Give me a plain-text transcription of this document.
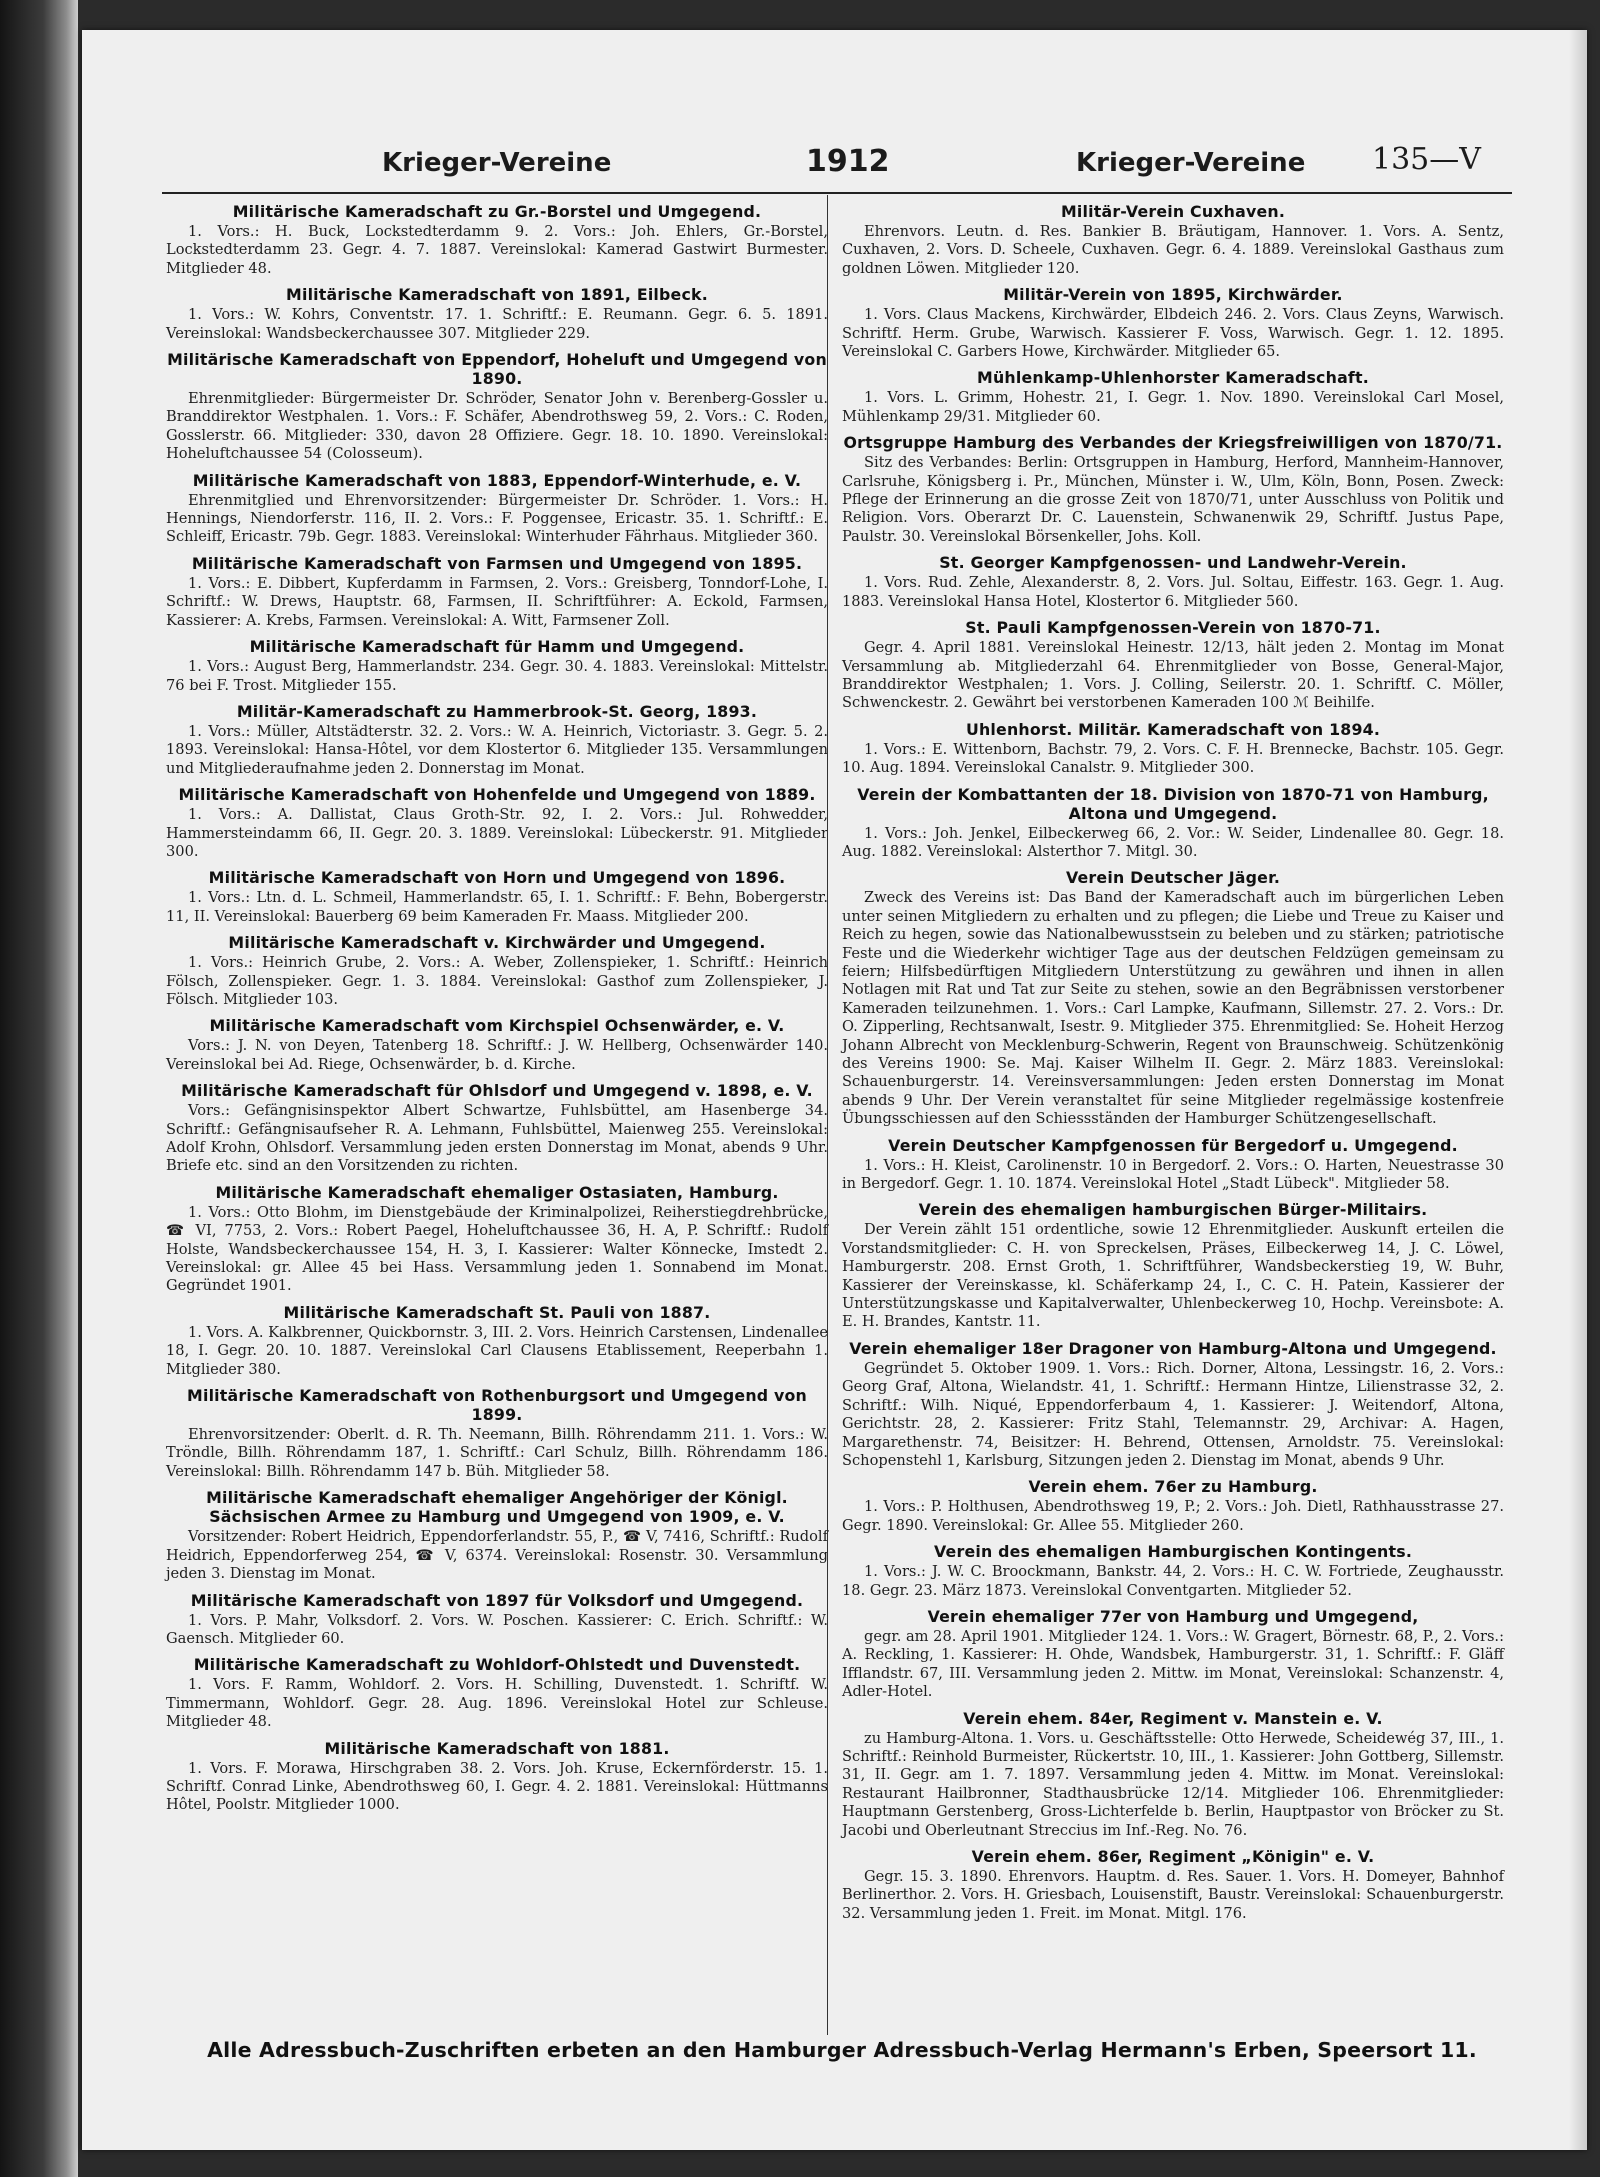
Krieger-Vereine	1912	Krieger-Vereine 135—V
Militärische Kameradschaft zu Gr.-Borstel und Umgegend.
1. Vors.: H. Buck, Lockstedterdamm 9. 2. Vors.: Joh. Ehlers, Gr.-Borstel, Lockstedterdamm 23. Gegr. 4. 7. 1887. Vereinslokal: Kamerad Gastwirt Burmester. Mitglieder 48.
Militärische Kameradschaft von 1891, Eilbeck.
1. Vors.: W. Kohrs, Conventstr. 17. 1. Schriftf.: E. Reumann. Gegr. 6. 5. 1891. Vereinslokal: Wandsbeckerchaussee 307. Mitglieder 229.
Militärische Kameradschaft von Eppendorf, Hoheluft und Umgegend von 1890.
Ehrenmitglieder: Bürgermeister Dr. Schröder, Senator John v. Berenberg-Gossler u. Branddirektor Westphalen. 1. Vors.: F. Schäfer, Abendrothsweg 59, 2. Vors.: C. Roden, Gosslerstr. 66. Mitglieder: 330, davon 28 Offiziere. Gegr. 18. 10. 1890. Vereinslokal: Hoheluftchaussee 54 (Colosseum).
Militärische Kameradschaft von 1883, Eppendorf-Winterhude, e. V.
Ehrenmitglied und Ehrenvorsitzender: Bürgermeister Dr. Schröder. 1. Vors.: H. Hennings, Niendorferstr. 116, II. 2. Vors.: F. Poggensee, Ericastr. 35. 1. Schriftf.: E. Schleiff, Ericastr. 79b. Gegr. 1883. Vereinslokal: Winterhuder Fährhaus. Mitglieder 360.
Militärische Kameradschaft von Farmsen und Umgegend von 1895.
1. Vors.: E. Dibbert, Kupferdamm in Farmsen, 2. Vors.: Greisberg, Tonndorf-Lohe, I. Schriftf.: W. Drews, Hauptstr. 68, Farmsen, II. Schriftführer: A. Eckold, Farmsen, Kassierer: A. Krebs, Farmsen. Vereinslokal: A. Witt, Farmsener Zoll.
Militärische Kameradschaft für Hamm und Umgegend.
1. Vors.: August Berg, Hammerlandstr. 234. Gegr. 30. 4. 1883. Vereinslokal: Mittelstr. 76 bei F. Trost. Mitglieder 155.
Militär-Kameradschaft zu Hammerbrook-St. Georg, 1893.
1. Vors.: Müller, Altstädterstr. 32. 2. Vors.: W. A. Heinrich, Victoriastr. 3. Gegr. 5. 2. 1893. Vereinslokal: Hansa-Hôtel, vor dem Klostertor 6. Mitglieder 135. Versammlungen und Mitgliederaufnahme jeden 2. Donnerstag im Monat.
Militärische Kameradschaft von Hohenfelde und Umgegend von 1889.
1. Vors.: A. Dallistat, Claus Groth-Str. 92, I. 2. Vors.: Jul. Rohwedder, Hammersteindamm 66, II. Gegr. 20. 3. 1889. Vereinslokal: Lübeckerstr. 91. Mitglieder 300.
Militärische Kameradschaft von Horn und Umgegend von 1896.
1. Vors.: Ltn. d. L. Schmeil, Hammerlandstr. 65, I. 1. Schriftf.: F. Behn, Bobergerstr. 11, II. Vereinslokal: Bauerberg 69 beim Kameraden Fr. Maass. Mitglieder 200.
Militärische Kameradschaft v. Kirchwärder und Umgegend.
1. Vors.: Heinrich Grube, 2. Vors.: A. Weber, Zollenspieker, 1. Schriftf.: Heinrich Fölsch, Zollenspieker. Gegr. 1. 3. 1884. Vereinslokal: Gasthof zum Zollenspieker, J. Fölsch. Mitglieder 103.
Militärische Kameradschaft vom Kirchspiel Ochsenwärder, e. V.
Vors.: J. N. von Deyen, Tatenberg 18. Schriftf.: J. W. Hellberg, Ochsenwärder 140. Vereinslokal bei Ad. Riege, Ochsenwärder, b. d. Kirche.
Militärische Kameradschaft für Ohlsdorf und Umgegend v. 1898, e. V.
Vors.: Gefängnisinspektor Albert Schwartze, Fuhlsbüttel, am Hasenberge 34. Schriftf.: Gefängnisaufseher R. A. Lehmann, Fuhlsbüttel, Maienweg 255. Vereinslokal: Adolf Krohn, Ohlsdorf. Versammlung jeden ersten Donnerstag im Monat, abends 9 Uhr. Briefe etc. sind an den Vorsitzenden zu richten.
Militärische Kameradschaft ehemaliger Ostasiaten, Hamburg.
1. Vors.: Otto Blohm, im Dienstgebäude der Kriminalpolizei, Reiherstiegdrehbrücke, ☎ VI, 7753, 2. Vors.: Robert Paegel, Hoheluftchaussee 36, H. A, P. Schriftf.: Rudolf Holste, Wandsbeckerchaussee 154, H. 3, I. Kassierer: Walter Könnecke, Imstedt 2. Vereinslokal: gr. Allee 45 bei Hass. Versammlung jeden 1. Sonnabend im Monat. Gegründet 1901.
Militärische Kameradschaft St. Pauli von 1887.
1. Vors. A. Kalkbrenner, Quickbornstr. 3, III. 2. Vors. Heinrich Carstensen, Lindenallee 18, I. Gegr. 20. 10. 1887. Vereinslokal Carl Clausens Etablissement, Reeperbahn 1. Mitglieder 380.
Militärische Kameradschaft von Rothenburgsort und Umgegend von 1899.
Ehrenvorsitzender: Oberlt. d. R. Th. Neemann, Billh. Röhrendamm 211. 1. Vors.: W. Tröndle, Billh. Röhrendamm 187, 1. Schriftf.: Carl Schulz, Billh. Röhrendamm 186. Vereinslokal: Billh. Röhrendamm 147 b. Büh. Mitglieder 58.
Militärische Kameradschaft ehemaliger Angehöriger der Königl. Sächsischen Armee zu Hamburg und Umgegend von 1909, e. V.
Vorsitzender: Robert Heidrich, Eppendorferlandstr. 55, P., ☎ V, 7416, Schriftf.: Rudolf Heidrich, Eppendorferweg 254, ☎ V, 6374. Vereinslokal: Rosenstr. 30. Versammlung jeden 3. Dienstag im Monat.
Militärische Kameradschaft von 1897 für Volksdorf und Umgegend.
1. Vors. P. Mahr, Volksdorf. 2. Vors. W. Poschen. Kassierer: C. Erich. Schriftf.: W. Gaensch. Mitglieder 60.
Militärische Kameradschaft zu Wohldorf-Ohlstedt und Duvenstedt.
1. Vors. F. Ramm, Wohldorf. 2. Vors. H. Schilling, Duvenstedt. 1. Schriftf. W. Timmermann, Wohldorf. Gegr. 28. Aug. 1896. Vereinslokal Hotel zur Schleuse. Mitglieder 48.
Militärische Kameradschaft von 1881.
1. Vors. F. Morawa, Hirschgraben 38. 2. Vors. Joh. Kruse, Eckernförderstr. 15. 1. Schriftf. Conrad Linke, Abendrothsweg 60, I. Gegr. 4. 2. 1881. Vereinslokal: Hüttmanns Hôtel, Poolstr. Mitglieder 1000.
Militär-Verein Cuxhaven.
Ehrenvors. Leutn. d. Res. Bankier B. Bräutigam, Hannover. 1. Vors. A. Sentz, Cuxhaven, 2. Vors. D. Scheele, Cuxhaven. Gegr. 6. 4. 1889. Vereinslokal Gasthaus zum goldnen Löwen. Mitglieder 120.
Militär-Verein von 1895, Kirchwärder.
1. Vors. Claus Mackens, Kirchwärder, Elbdeich 246. 2. Vors. Claus Zeyns, Warwisch. Schriftf. Herm. Grube, Warwisch. Kassierer F. Voss, Warwisch. Gegr. 1. 12. 1895. Vereinslokal C. Garbers Howe, Kirchwärder. Mitglieder 65.
Mühlenkamp-Uhlenhorster Kameradschaft.
1. Vors. L. Grimm, Hohestr. 21, I. Gegr. 1. Nov. 1890. Vereinslokal Carl Mosel, Mühlenkamp 29/31. Mitglieder 60.
Ortsgruppe Hamburg des Verbandes der Kriegsfreiwilligen von 1870/71.
Sitz des Verbandes: Berlin: Ortsgruppen in Hamburg, Herford, Mannheim-Hannover, Carlsruhe, Königsberg i. Pr., München, Münster i. W., Ulm, Köln, Bonn, Posen. Zweck: Pflege der Erinnerung an die grosse Zeit von 1870/71, unter Ausschluss von Politik und Religion. Vors. Oberarzt Dr. C. Lauenstein, Schwanenwik 29, Schriftf. Justus Pape, Paulstr. 30. Vereinslokal Börsenkeller, Johs. Koll.
St. Georger Kampfgenossen- und Landwehr-Verein.
1. Vors. Rud. Zehle, Alexanderstr. 8, 2. Vors. Jul. Soltau, Eiffestr. 163. Gegr. 1. Aug. 1883. Vereinslokal Hansa Hotel, Klostertor 6. Mitglieder 560.
St. Pauli Kampfgenossen-Verein von 1870-71.
Gegr. 4. April 1881. Vereinslokal Heinestr. 12/13, hält jeden 2. Montag im Monat Versammlung ab. Mitgliederzahl 64. Ehrenmitglieder von Bosse, General-Major, Branddirektor Westphalen; 1. Vors. J. Colling, Seilerstr. 20. 1. Schriftf. C. Möller, Schwenckestr. 2. Gewährt bei verstorbenen Kameraden 100 ℳ Beihilfe.
Uhlenhorst. Militär. Kameradschaft von 1894.
1. Vors.: E. Wittenborn, Bachstr. 79, 2. Vors. C. F. H. Brennecke, Bachstr. 105. Gegr. 10. Aug. 1894. Vereinslokal Canalstr. 9. Mitglieder 300.
Verein der Kombattanten der 18. Division von 1870-71 von Hamburg, Altona und Umgegend.
1. Vors.: Joh. Jenkel, Eilbeckerweg 66, 2. Vor.: W. Seider, Lindenallee 80. Gegr. 18. Aug. 1882. Vereinslokal: Alsterthor 7. Mitgl. 30.
Verein Deutscher Jäger.
Zweck des Vereins ist: Das Band der Kameradschaft auch im bürgerlichen Leben unter seinen Mitgliedern zu erhalten und zu pflegen; die Liebe und Treue zu Kaiser und Reich zu hegen, sowie das Nationalbewusstsein zu beleben und zu stärken; patriotische Feste und die Wiederkehr wichtiger Tage aus der deutschen Feldzügen gemeinsam zu feiern; Hilfsbedürftigen Mitgliedern Unterstützung zu gewähren und ihnen in allen Notlagen mit Rat und Tat zur Seite zu stehen, sowie an den Begräbnissen verstorbener Kameraden teilzunehmen. 1. Vors.: Carl Lampke, Kaufmann, Sillemstr. 27. 2. Vors.: Dr. O. Zipperling, Rechtsanwalt, Isestr. 9. Mitglieder 375. Ehrenmitglied: Se. Hoheit Herzog Johann Albrecht von Mecklenburg-Schwerin, Regent von Braunschweig. Schützenkönig des Vereins 1900: Se. Maj. Kaiser Wilhelm II. Gegr. 2. März 1883. Vereinslokal: Schauenburgerstr. 14. Vereinsversammlungen: Jeden ersten Donnerstag im Monat abends 9 Uhr. Der Verein veranstaltet für seine Mitglieder regelmässige kostenfreie Übungsschiessen auf den Schiessständen der Hamburger Schützengesellschaft.
Verein Deutscher Kampfgenossen für Bergedorf u. Umgegend.
1. Vors.: H. Kleist, Carolinenstr. 10 in Bergedorf. 2. Vors.: O. Harten, Neuestrasse 30 in Bergedorf. Gegr. 1. 10. 1874. Vereinslokal Hotel „Stadt Lübeck". Mitglieder 58.
Verein des ehemaligen hamburgischen Bürger-Militairs.
Der Verein zählt 151 ordentliche, sowie 12 Ehrenmitglieder. Auskunft erteilen die Vorstandsmitglieder: C. H. von Spreckelsen, Präses, Eilbeckerweg 14, J. C. Löwel, Hamburgerstr. 208. Ernst Groth, 1. Schriftführer, Wandsbeckerstieg 19, W. Buhr, Kassierer der Vereinskasse, kl. Schäferkamp 24, I., C. C. H. Patein, Kassierer der Unterstützungskasse und Kapitalverwalter, Uhlenbeckerweg 10, Hochp. Vereinsbote: A. E. H. Brandes, Kantstr. 11.
Verein ehemaliger 18er Dragoner von Hamburg-Altona und Umgegend.
Gegründet 5. Oktober 1909. 1. Vors.: Rich. Dorner, Altona, Lessingstr. 16, 2. Vors.: Georg Graf, Altona, Wielandstr. 41, 1. Schriftf.: Hermann Hintze, Lilienstrasse 32, 2. Schriftf.: Wilh. Niqué, Eppendorferbaum 4, 1. Kassierer: J. Weitendorf, Altona, Gerichtstr. 28, 2. Kassierer: Fritz Stahl, Telemannstr. 29, Archivar: A. Hagen, Margarethenstr. 74, Beisitzer: H. Behrend, Ottensen, Arnoldstr. 75. Vereinslokal: Schopenstehl 1, Karlsburg, Sitzungen jeden 2. Dienstag im Monat, abends 9 Uhr.
Verein ehem. 76er zu Hamburg.
1. Vors.: P. Holthusen, Abendrothsweg 19, P.; 2. Vors.: Joh. Dietl, Rathhausstrasse 27. Gegr. 1890. Vereinslokal: Gr. Allee 55. Mitglieder 260.
Verein des ehemaligen Hamburgischen Kontingents.
1. Vors.: J. W. C. Broockmann, Bankstr. 44, 2. Vors.: H. C. W. Fortriede, Zeughausstr. 18. Gegr. 23. März 1873. Vereinslokal Conventgarten. Mitglieder 52.
Verein ehemaliger 77er von Hamburg und Umgegend,
gegr. am 28. April 1901. Mitglieder 124. 1. Vors.: W. Gragert, Börnestr. 68, P., 2. Vors.: A. Reckling, 1. Kassierer: H. Ohde, Wandsbek, Hamburgerstr. 31, 1. Schriftf.: F. Gläff Ifflandstr. 67, III. Versammlung jeden 2. Mittw. im Monat, Vereinslokal: Schanzenstr. 4, Adler-Hotel.
Verein ehem. 84er, Regiment v. Manstein e. V.
zu Hamburg-Altona. 1. Vors. u. Geschäftsstelle: Otto Herwede, Scheidewég 37, III., 1. Schriftf.: Reinhold Burmeister, Rückertstr. 10, III., 1. Kassierer: John Gottberg, Sillemstr. 31, II. Gegr. am 1. 7. 1897. Versammlung jeden 4. Mittw. im Monat. Vereinslokal: Restaurant Hailbronner, Stadthausbrücke 12/14. Mitglieder 106. Ehrenmitglieder: Hauptmann Gerstenberg, Gross-Lichterfelde b. Berlin, Hauptpastor von Bröcker zu St. Jacobi und Oberleutnant Streccius im Inf.-Reg. No. 76.
Verein ehem. 86er, Regiment „Königin" e. V.
Gegr. 15. 3. 1890. Ehrenvors. Hauptm. d. Res. Sauer. 1. Vors. H. Domeyer, Bahnhof Berlinerthor. 2. Vors. H. Griesbach, Louisenstift, Baustr. Vereinslokal: Schauenburgerstr. 32. Versammlung jeden 1. Freit. im Monat. Mitgl. 176.
Alle Adressbuch-Zuschriften erbeten an den Hamburger Adressbuch-Verlag Hermann's Erben, Speersort 11.
